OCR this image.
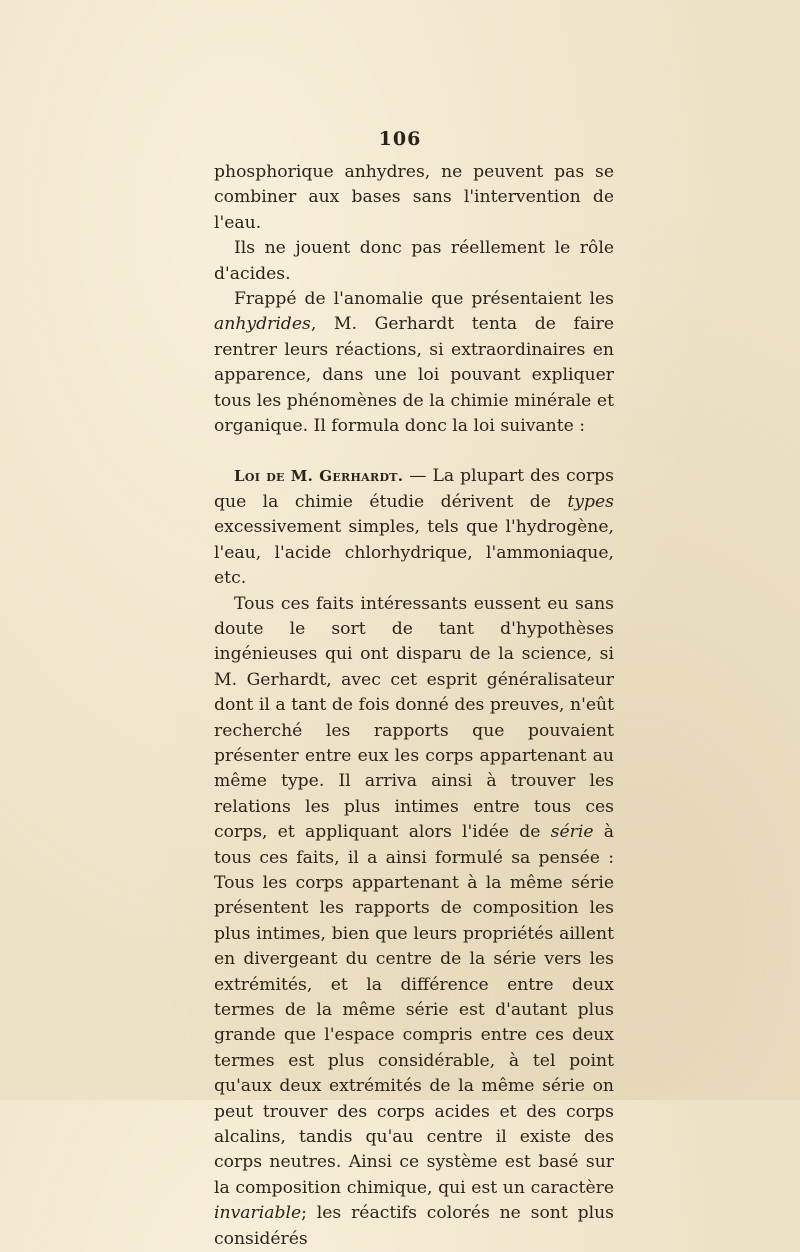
106

phosphorique anhydres, ne peuvent pas se combiner aux bases sans l'intervention de l'eau.

Ils ne jouent donc pas réellement le rôle d'acides.

Frappé de l'anomalie que présentaient les anhydrides, M. Gerhardt tenta de faire rentrer leurs réactions, si extraordinaires en apparence, dans une loi pouvant expliquer tous les phénomènes de la chimie minérale et organique. Il formula donc la loi suivante :

Loi de M. Gerhardt. — La plupart des corps que la chimie étudie dérivent de types excessivement simples, tels que l'hydrogène, l'eau, l'acide chlorhydrique, l'ammoniaque, etc.

Tous ces faits intéressants eussent eu sans doute le sort de tant d'hypothèses ingénieuses qui ont disparu de la science, si M. Gerhardt, avec cet esprit généralisateur dont il a tant de fois donné des preuves, n'eût recherché les rapports que pouvaient présenter entre eux les corps appartenant au même type. Il arriva ainsi à trouver les relations les plus intimes entre tous ces corps, et appliquant alors l'idée de série à tous ces faits, il a ainsi formulé sa pensée : Tous les corps appartenant à la même série présentent les rapports de composition les plus intimes, bien que leurs propriétés aillent en divergeant du centre de la série vers les extrémités, et la différence entre deux termes de la même série est d'autant plus grande que l'espace compris entre ces deux termes est plus considérable, à tel point qu'aux deux extrémités de la même série on peut trouver des corps acides et des corps alcalins, tandis qu'au centre il existe des corps neutres. Ainsi ce système est basé sur la composition chimique, qui est un caractère invariable; les réactifs colorés ne sont plus considérés
